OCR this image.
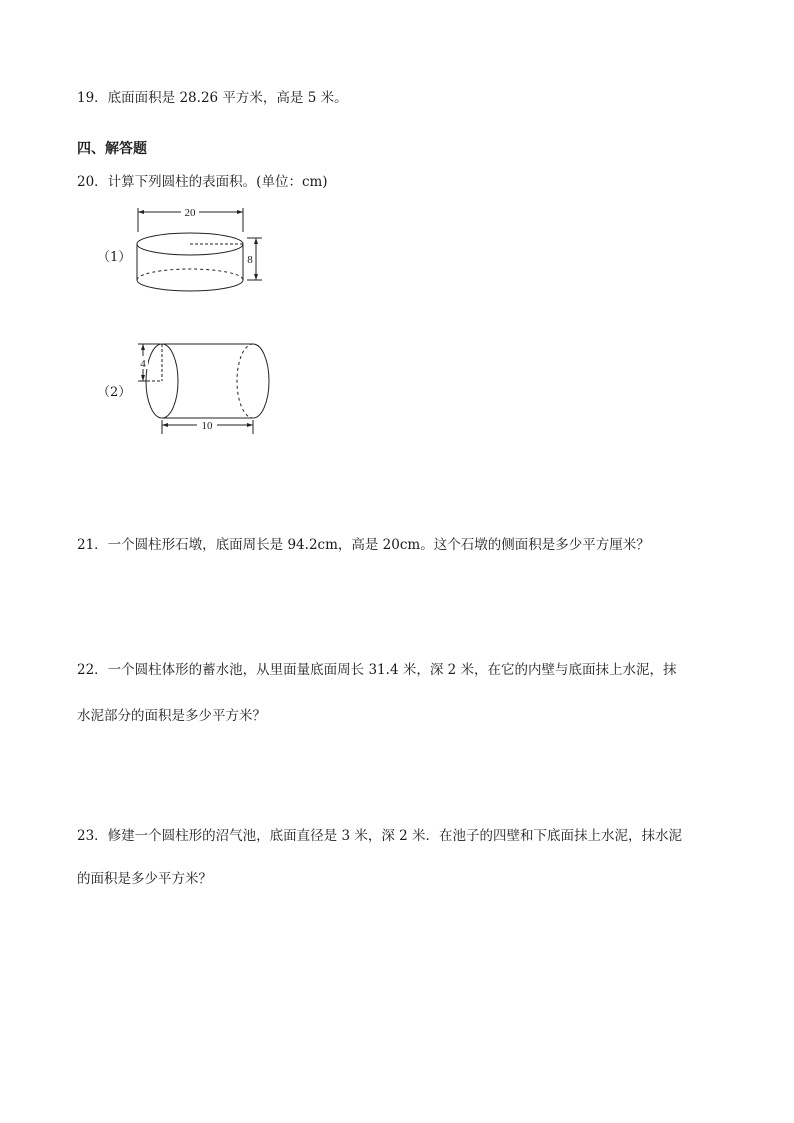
19．底面面积是 28.26 平方米，高是 5 米。
四、解答题
20．计算下列圆柱的表面积。(单位：cm)
（1）
20
8
（2）
4
10
21．一个圆柱形石墩，底面周长是 94.2cm，高是 20cm。这个石墩的侧面积是多少平方厘米？
22．一个圆柱体形的蓄水池，从里面量底面周长 31.4 米，深 2 米，在它的内壁与底面抹上水泥，抹
水泥部分的面积是多少平方米？
23．修建一个圆柱形的沼气池，底面直径是 3 米，深 2 米．在池子的四壁和下底面抹上水泥，抹水泥
的面积是多少平方米？
